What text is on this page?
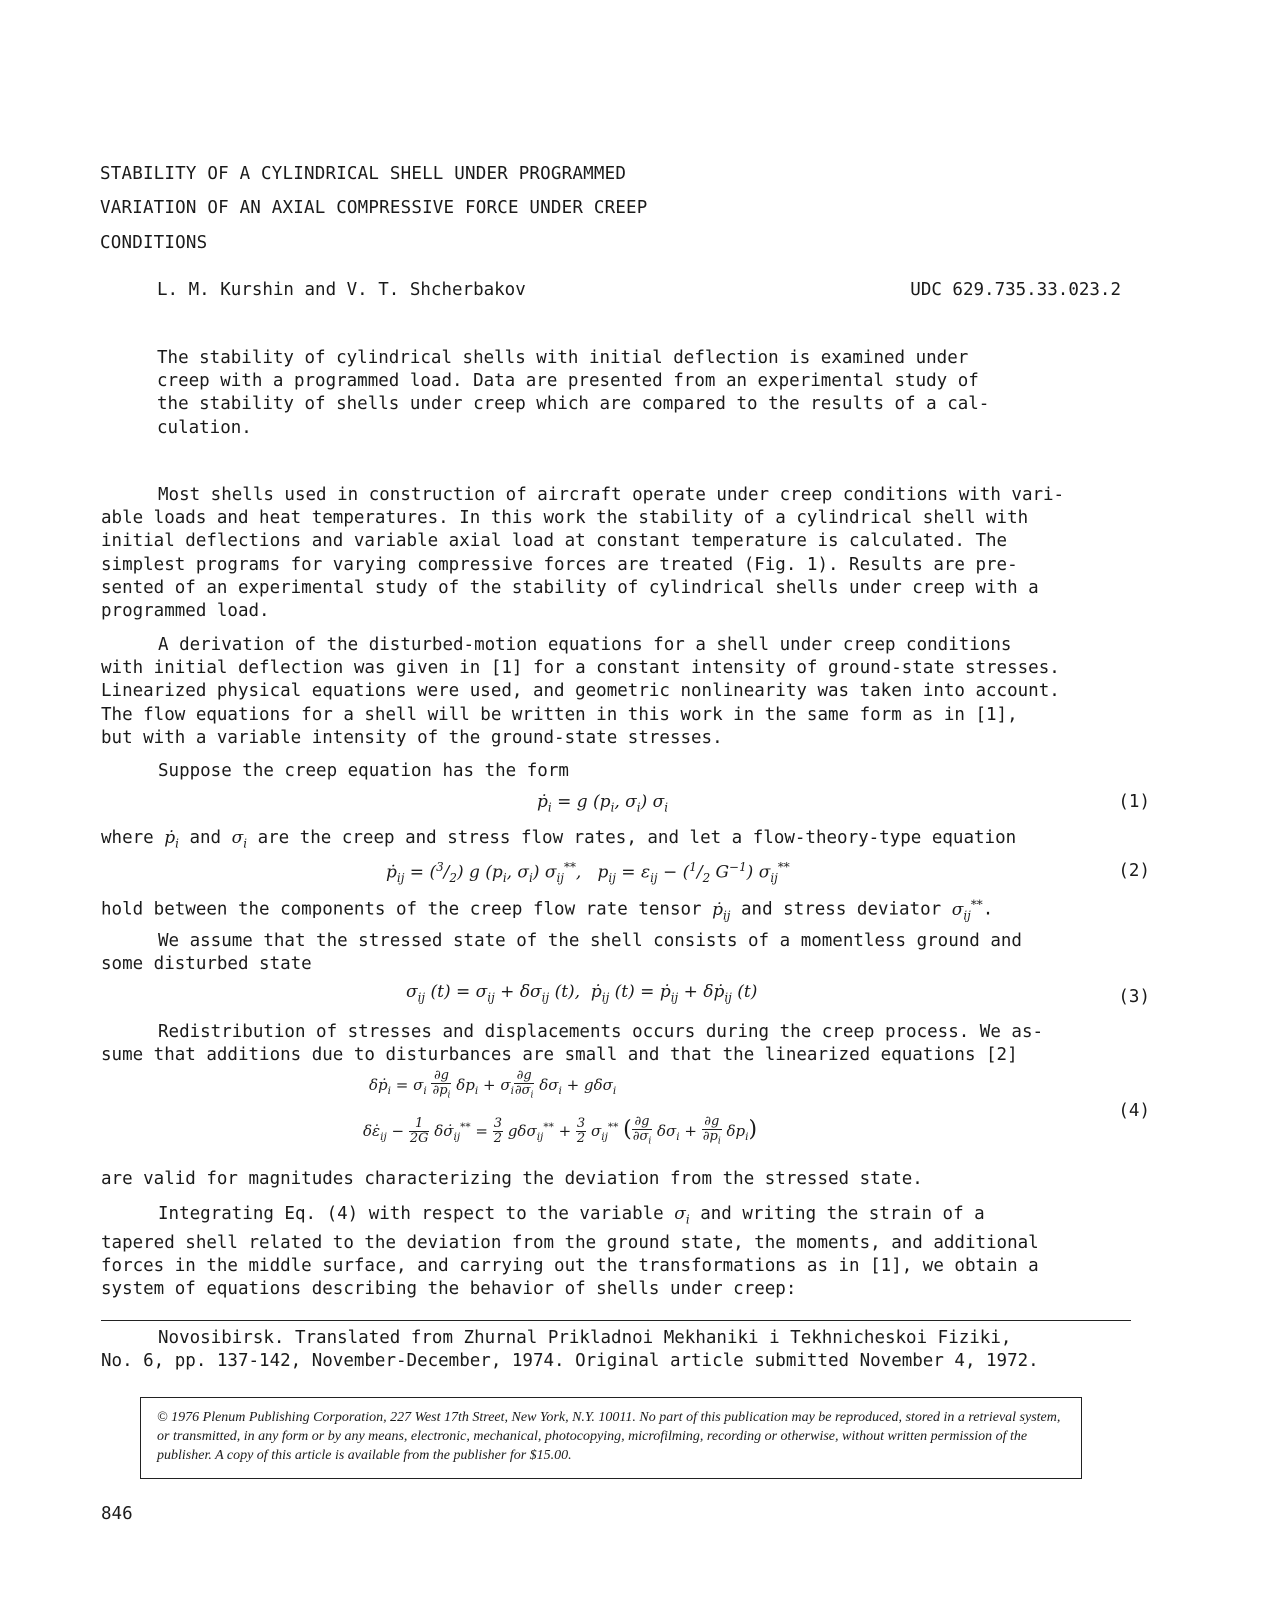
STABILITY OF A CYLINDRICAL SHELL UNDER PROGRAMMED
VARIATION OF AN AXIAL COMPRESSIVE FORCE UNDER CREEP
CONDITIONS
L. M. Kurshin and V. T. Shcherbakov	UDC 629.735.33.023.2
The stability of cylindrical shells with initial deflection is examined under
creep with a programmed load. Data are presented from an experimental study of
the stability of shells under creep which are compared to the results of a cal-
culation.
Most shells used in construction of aircraft operate under creep conditions with vari-
able loads and heat temperatures. In this work the stability of a cylindrical shell with
initial deflections and variable axial load at constant temperature is calculated. The
simplest programs for varying compressive forces are treated (Fig. 1). Results are pre-
sented of an experimental study of the stability of cylindrical shells under creep with a
programmed load.
A derivation of the disturbed-motion equations for a shell under creep conditions
with initial deflection was given in [1] for a constant intensity of ground-state stresses.
Linearized physical equations were used, and geometric nonlinearity was taken into account.
The flow equations for a shell will be written in this work in the same form as in [1],
but with a variable intensity of the ground-state stresses.
Suppose the creep equation has the form
ṗ$_i$ = g ($p_i$, $\sigma_i$) $\sigma_i$	(1)
where ṗ$_i$ and $\sigma_i$ are the creep and stress flow rates, and let a flow-theory-type equation
ṗ$_{ij}$ = $(^3/_2)$ g ($p_i$, $\sigma_i$) $\sigma_{ij}^{**}$,   $p_{ij} = \varepsilon_{ij} - (^1/_2$ $G^{-1}$) $\sigma_{ij}^{**}$	(2)
hold between the components of the creep flow rate tensor ṗ$_{ij}$ and stress deviator $\sigma_{ij}^{**}$.
We assume that the stressed state of the shell consists of a momentless ground and
some disturbed state
$\sigma_{ij}$ $(t) = \sigma_{ij} + \delta\sigma_{ij}$ (t),  ṗ$_{ij}$ (t) = ṗ$_{ij}$ + δṗ$_{ij}$ (t)	(3)
Redistribution of stresses and displacements occurs during the creep process. We as-
sume that additions due to disturbances are small and that the linearized equations [2]
δṗ$_i$ = $\sigma_i \frac{\partial g}{\partial p_i} \delta p_i + \sigma_i \frac{\partial g}{\partial\sigma_i} \delta\sigma_i + g\delta\sigma_i$
$\delta\varepsiloṅ_{ij} - \frac{1}{2G}$ $\delta\sigmȧ_{ij}^{**} = \frac{3}{2} g\delta\sigma_{ij}^{**} + \frac{3}{2} \sigma_{ij}^{**}$ ( $\frac{\partial g}{\partial\sigma_i} \delta\sigma_i + \frac{\partial g}{\partial p_i} \delta p_i$)
(4)
are valid for magnitudes characterizing the deviation from the stressed state.
Integrating Eq. (4) with respect to the variable $\sigma_i$ and writing the strain of a
tapered shell related to the deviation from the ground state, the moments, and additional
forces in the middle surface, and carrying out the transformations as in [1], we obtain a
system of equations describing the behavior of shells under creep:
Novosibirsk. Translated from Zhurnal Prikladnoi Mekhaniki i Tekhnicheskoi Fiziki,
No. 6, pp. 137-142, November-December, 1974. Original article submitted November 4, 1972.

© 1976 Plenum Publishing Corporation, 227 West 17th Street, New York, N.Y. 10011. No part of this publication may be reproduced, stored in a retrieval system, or transmitted, in any form or by any means, electronic, mechanical, photocopying, microfilming, recording or otherwise, without written permission of the publisher. A copy of this article is available from the publisher for $15.00.

846
